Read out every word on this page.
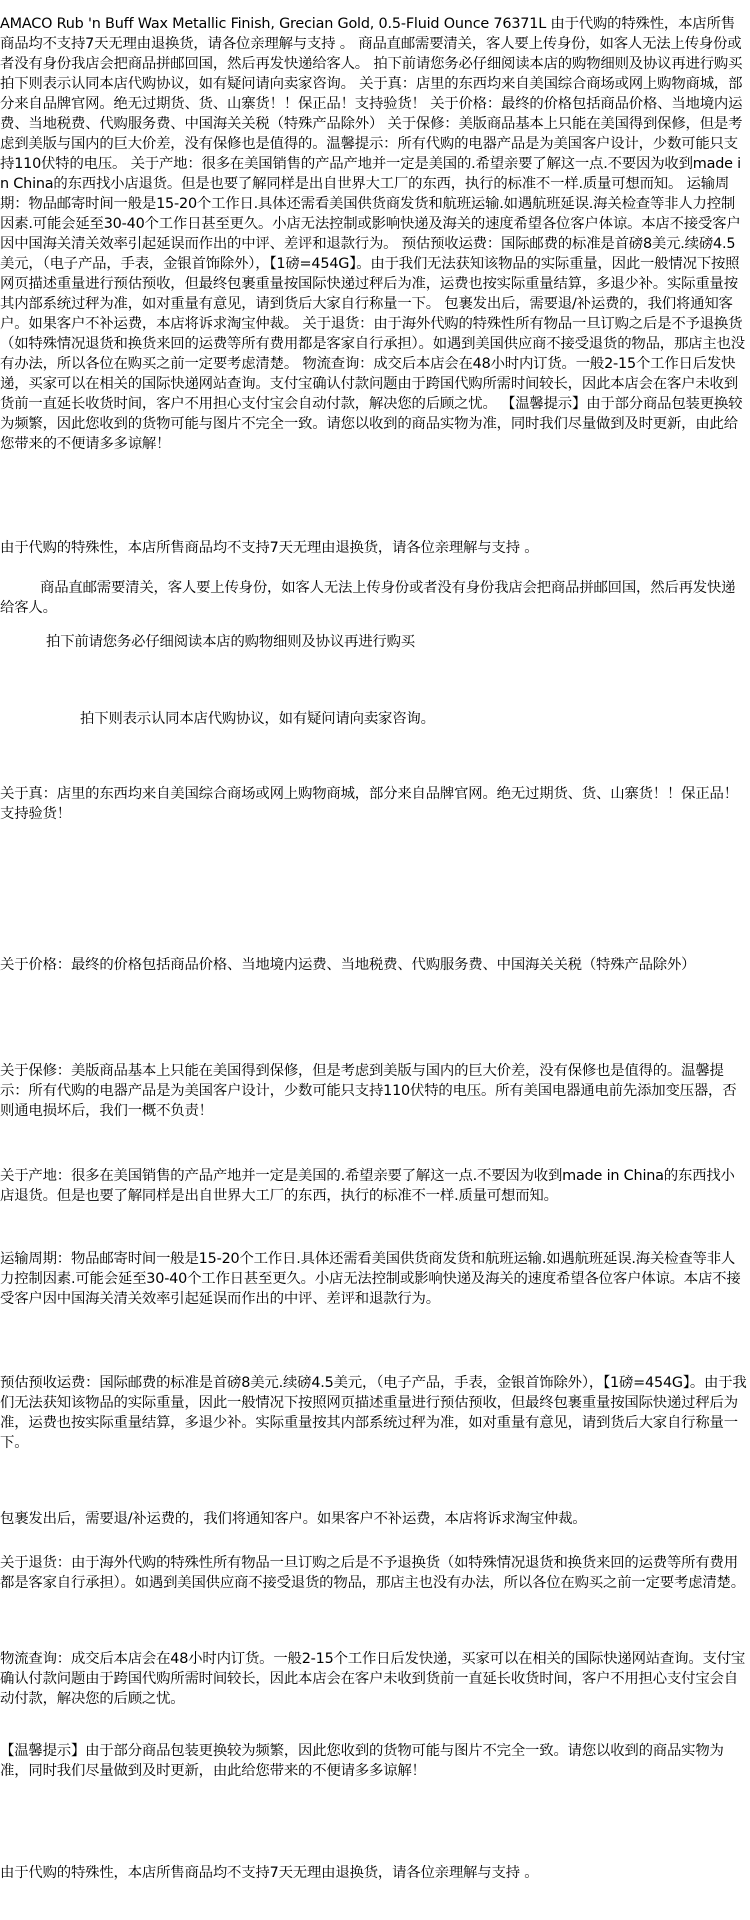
AMACO Rub 'n Buff Wax Metallic Finish, Grecian Gold, 0.5-Fluid Ounce 76371L 由于代购的特殊性，本店所售商品均不支持7天无理由退换货，请各位亲理解与支持 。 商品直邮需要清关，客人要上传身份，如客人无法上传身份或者没有身份我店会把商品拼邮回国，然后再发快递给客人。 拍下前请您务必仔细阅读本店的购物细则及协议再进行购买 拍下则表示认同本店代购协议，如有疑问请向卖家咨询。 关于真：店里的东西均来自美国综合商场或网上购物商城，部分来自品牌官网。绝无过期货、货、山寨货！！保正品！支持验货！ 关于价格：最终的价格包括商品价格、当地境内运费、当地税费、代购服务费、中国海关关税（特殊产品除外） 关于保修：美版商品基本上只能在美国得到保修，但是考虑到美版与国内的巨大价差，没有保修也是值得的。温馨提示：所有代购的电器产品是为美国客户设计，少数可能只支持110伏特的电压。 关于产地：很多在美国销售的产品产地并一定是美国的.希望亲要了解这一点.不要因为收到made in China的东西找小店退货。但是也要了解同样是出自世界大工厂的东西，执行的标准不一样.质量可想而知。 运输周期：物品邮寄时间一般是15-20个工作日.具体还需看美国供货商发货和航班运输.如遇航班延误.海关检查等非人力控制因素.可能会延至30-40个工作日甚至更久。小店无法控制或影响快递及海关的速度希望各位客户体谅。本店不接受客户因中国海关清关效率引起延误而作出的中评、差评和退款行为。 预估预收运费：国际邮费的标准是首磅8美元.续磅4.5美元，（电子产品，手表，金银首饰除外），【1磅=454G】。由于我们无法获知该物品的实际重量，因此一般情况下按照网页描述重量进行预估预收，但最终包裹重量按国际快递过秤后为准，运费也按实际重量结算，多退少补。实际重量按其内部系统过秤为准，如对重量有意见，请到货后大家自行称量一下。 包裹发出后，需要退/补运费的，我们将通知客户。如果客户不补运费，本店将诉求淘宝仲裁。 关于退货：由于海外代购的特殊性所有物品一旦订购之后是不予退换货（如特殊情况退货和换货来回的运费等所有费用都是客家自行承担）。如遇到美国供应商不接受退货的物品，那店主也没有办法，所以各位在购买之前一定要考虑清楚。 物流查询：成交后本店会在48小时内订货。一般2-15个工作日后发快递，买家可以在相关的国际快递网站查询。支付宝确认付款问题由于跨国代购所需时间较长，因此本店会在客户未收到货前一直延长收货时间，客户不用担心支付宝会自动付款，解决您的后顾之忧。 【温馨提示】由于部分商品包装更换较为频繁，因此您收到的货物可能与图片不完全一致。请您以收到的商品实物为准，同时我们尽量做到及时更新，由此给您带来的不便请多多谅解！

由于代购的特殊性，本店所售商品均不支持7天无理由退换货，请各位亲理解与支持 。

商品直邮需要清关，客人要上传身份，如客人无法上传身份或者没有身份我店会把商品拼邮回国，然后再发快递给客人。

拍下前请您务必仔细阅读本店的购物细则及协议再进行购买

拍下则表示认同本店代购协议，如有疑问请向卖家咨询。

关于真：店里的东西均来自美国综合商场或网上购物商城，部分来自品牌官网。绝无过期货、货、山寨货！！保正品！支持验货！

关于价格：最终的价格包括商品价格、当地境内运费、当地税费、代购服务费、中国海关关税（特殊产品除外）

关于保修：美版商品基本上只能在美国得到保修，但是考虑到美版与国内的巨大价差，没有保修也是值得的。温馨提示：所有代购的电器产品是为美国客户设计，少数可能只支持110伏特的电压。所有美国电器通电前先添加变压器，否则通电损坏后，我们一概不负责！

关于产地：很多在美国销售的产品产地并一定是美国的.希望亲要了解这一点.不要因为收到made in China的东西找小店退货。但是也要了解同样是出自世界大工厂的东西，执行的标准不一样.质量可想而知。

运输周期：物品邮寄时间一般是15-20个工作日.具体还需看美国供货商发货和航班运输.如遇航班延误.海关检查等非人力控制因素.可能会延至30-40个工作日甚至更久。小店无法控制或影响快递及海关的速度希望各位客户体谅。本店不接受客户因中国海关清关效率引起延误而作出的中评、差评和退款行为。

预估预收运费：国际邮费的标准是首磅8美元.续磅4.5美元，（电子产品，手表，金银首饰除外），【1磅=454G】。由于我们无法获知该物品的实际重量，因此一般情况下按照网页描述重量进行预估预收，但最终包裹重量按国际快递过秤后为准，运费也按实际重量结算，多退少补。实际重量按其内部系统过秤为准，如对重量有意见，请到货后大家自行称量一下。

包裹发出后，需要退/补运费的，我们将通知客户。如果客户不补运费，本店将诉求淘宝仲裁。

关于退货：由于海外代购的特殊性所有物品一旦订购之后是不予退换货（如特殊情况退货和换货来回的运费等所有费用都是客家自行承担）。如遇到美国供应商不接受退货的物品，那店主也没有办法，所以各位在购买之前一定要考虑清楚。

物流查询：成交后本店会在48小时内订货。一般2-15个工作日后发快递，买家可以在相关的国际快递网站查询。支付宝确认付款问题由于跨国代购所需时间较长，因此本店会在客户未收到货前一直延长收货时间，客户不用担心支付宝会自动付款，解决您的后顾之忧。

【温馨提示】由于部分商品包装更换较为频繁，因此您收到的货物可能与图片不完全一致。请您以收到的商品实物为准，同时我们尽量做到及时更新，由此给您带来的不便请多多谅解！

由于代购的特殊性，本店所售商品均不支持7天无理由退换货，请各位亲理解与支持 。
